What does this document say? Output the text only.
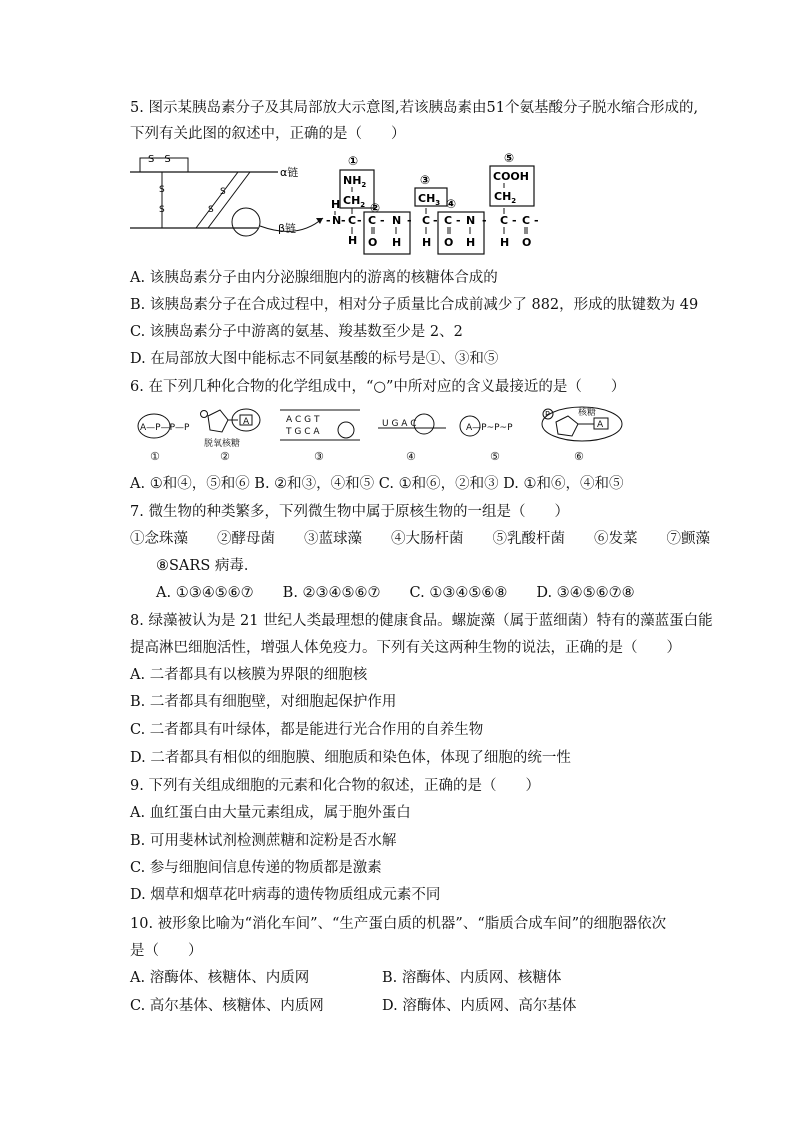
5. 图示某胰岛素分子及其局部放大示意图,若该胰岛素由51个氨基酸分子脱水缩合形成的,
下列有关此图的叙述中，正确的是（　　）
α链
S－S
β链
S
S
S
S
- N
H
- C
H
①
$NH_2$
$CH_2$ ②
- C - N
O H
③
$CH_3$
- C
H
④
- C - N
O H
⑤
COOH
$CH_2$
- C - C -
H O
A. 该胰岛素分子由内分泌腺细胞内的游离的核糖体合成的
B. 该胰岛素分子在合成过程中，相对分子质量比合成前减少了 882，形成的肽键数为 49
C. 该胰岛素分子中游离的氨基、羧基数至少是 2、2
D. 在局部放大图中能标志不同氨基酸的标号是①、③和⑤
6. 在下列几种化合物的化学组成中，“○”中所对应的含义最接近的是（　　）
A—P—P—P
①
A
脱氧核糖
②
A C G T
T G C A
③
U G A C
④
A—P~P~P
⑤
P
A
核糖
⑥
A. ①和④，⑤和⑥ B. ②和③，④和⑤ C. ①和⑥，②和③ D. ①和⑥，④和⑤
7. 微生物的种类繁多，下列微生物中属于原核生物的一组是（　　）
①念珠藻　　②酵母菌　　③蓝球藻　　④大肠杆菌　　⑤乳酸杆菌　　⑥发菜　　⑦颤藻
⑧SARS 病毒．
A. ①③④⑤⑥⑦　　B. ②③④⑤⑥⑦　　C. ①③④⑤⑥⑧　　D. ③④⑤⑥⑦⑧
8. 绿藻被认为是 21 世纪人类最理想的健康食品。螺旋藻（属于蓝细菌）特有的藻蓝蛋白能
提高淋巴细胞活性，增强人体免疫力。下列有关这两种生物的说法，正确的是（　　）
A. 二者都具有以核膜为界限的细胞核
B. 二者都具有细胞壁，对细胞起保护作用
C. 二者都具有叶绿体，都是能进行光合作用的自养生物
D. 二者都具有相似的细胞膜、细胞质和染色体，体现了细胞的统一性
9. 下列有关组成细胞的元素和化合物的叙述，正确的是（　　）
A. 血红蛋白由大量元素组成，属于胞外蛋白
B. 可用斐林试剂检测蔗糖和淀粉是否水解
C. 参与细胞间信息传递的物质都是激素
D. 烟草和烟草花叶病毒的遗传物质组成元素不同
10. 被形象比喻为“消化车间”、“生产蛋白质的机器”、“脂质合成车间”的细胞器依次
是（　　）
A. 溶酶体、核糖体、内质网	B. 溶酶体、内质网、核糖体
C. 高尔基体、核糖体、内质网	D. 溶酶体、内质网、高尔基体
